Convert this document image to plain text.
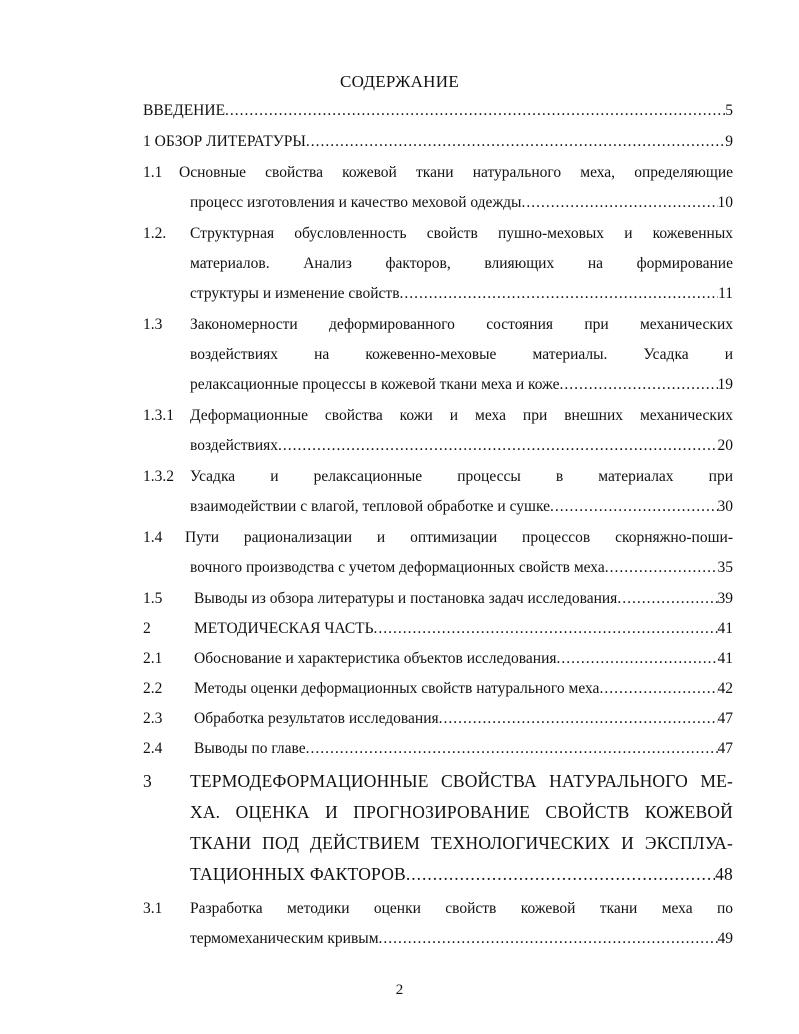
СОДЕРЖАНИЕ
ВВЕДЕНИЕ .....	5
1 ОБЗОР ЛИТЕРАТУРЫ .....	9
1.1 Основные свойства кожевой ткани натурального меха, определяющие
процесс изготовления и качество меховой одежды .....	10
1.2. Структурная обусловленность свойств пушно-меховых и кожевенных
материалов. Анализ факторов, влияющих на формирование
структуры и изменение свойств .....	11
1.3 Закономерности деформированного состояния при механических
воздействиях на кожевенно-меховые материалы. Усадка и
релаксационные процессы в кожевой ткани меха и коже .....	19
1.3.1 Деформационные свойства кожи и меха при внешних механических
воздействиях .....	20
1.3.2 Усадка и релаксационные процессы в материалах при
взаимодействии с влагой, тепловой обработке и сушке .....	30
1.4 Пути рационализации и оптимизации процессов скорняжно-поши-
вочного производства с учетом деформационных свойств меха .....	35
1.5 Выводы из обзора литературы и постановка задач исследования .....	39
2	МЕТОДИЧЕСКАЯ ЧАСТЬ .....	41
2.1 Обоснование и характеристика объектов исследования .....	41
2.2 Методы оценки деформационных свойств натурального меха .....	42
2.3 Обработка результатов исследования .....	47
2.4 Выводы по главе .....	47
3 ТЕРМОДЕФОРМАЦИОННЫЕ СВОЙСТВА НАТУРАЛЬНОГО МЕ-
ХА. ОЦЕНКА И ПРОГНОЗИРОВАНИЕ СВОЙСТВ КОЖЕВОЙ
ТКАНИ ПОД ДЕЙСТВИЕМ ТЕХНОЛОГИЧЕСКИХ И ЭКСПЛУА-
ТАЦИОННЫХ ФАКТОРОВ .....	48
3.1 Разработка методики оценки свойств кожевой ткани меха по
термомеханическим кривым .....	49
2
